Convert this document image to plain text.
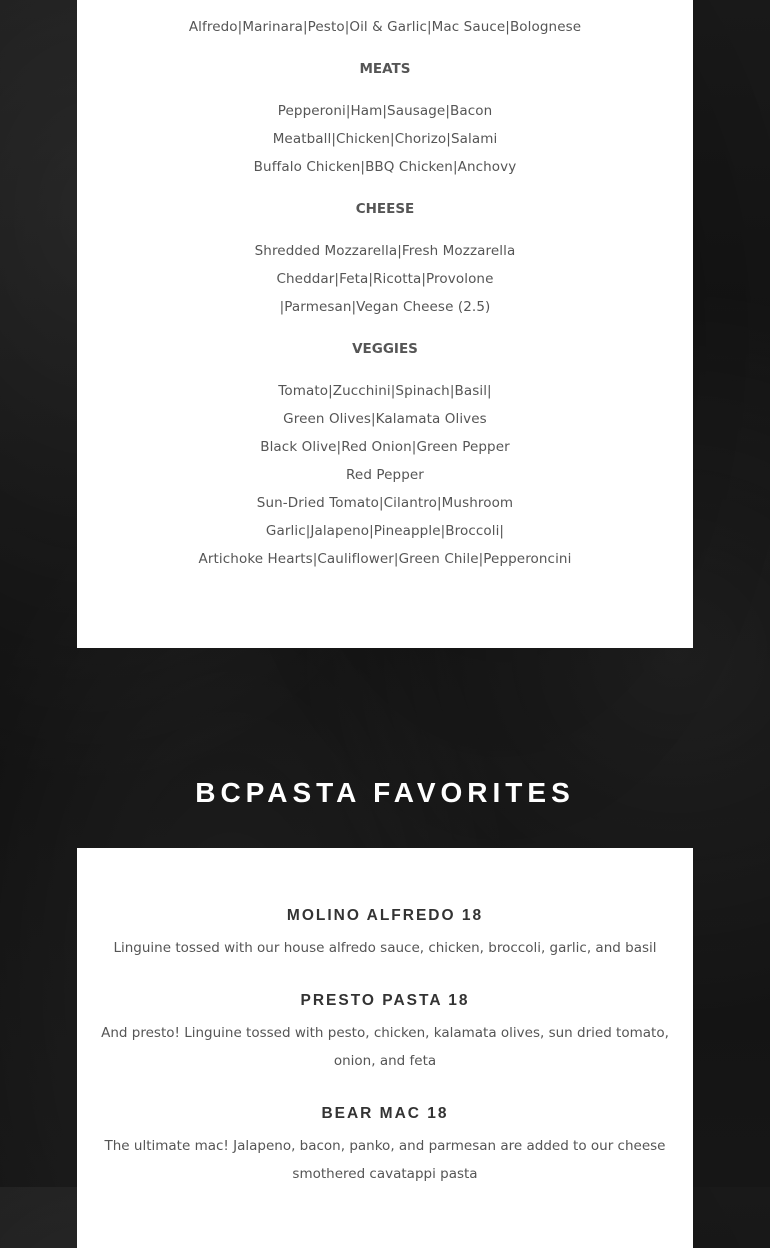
Alfredo|Marinara|Pesto|Oil & Garlic|Mac Sauce|Bolognese
MEATS
Pepperoni|Ham|Sausage|Bacon
Meatball|Chicken|Chorizo|Salami
Buffalo Chicken|BBQ Chicken|Anchovy
CHEESE
Shredded Mozzarella|Fresh Mozzarella
Cheddar|Feta|Ricotta|Provolone
|Parmesan|Vegan Cheese (2.5)
VEGGIES
Tomato|Zucchini|Spinach|Basil|
Green Olives|Kalamata Olives
Black Olive|Red Onion|Green Pepper
Red Pepper
Sun-Dried Tomato|Cilantro|Mushroom
Garlic|Jalapeno|Pineapple|Broccoli|
Artichoke Hearts|Cauliflower|Green Chile|Pepperoncini
BCPASTA FAVORITES
MOLINO ALFREDO 18
Linguine tossed with our house alfredo sauce, chicken, broccoli, garlic, and basil
PRESTO PASTA 18
And presto! Linguine tossed with pesto, chicken, kalamata olives, sun dried tomato, onion, and feta
BEAR MAC 18
The ultimate mac! Jalapeno, bacon, panko, and parmesan are added to our cheese smothered cavatappi pasta
